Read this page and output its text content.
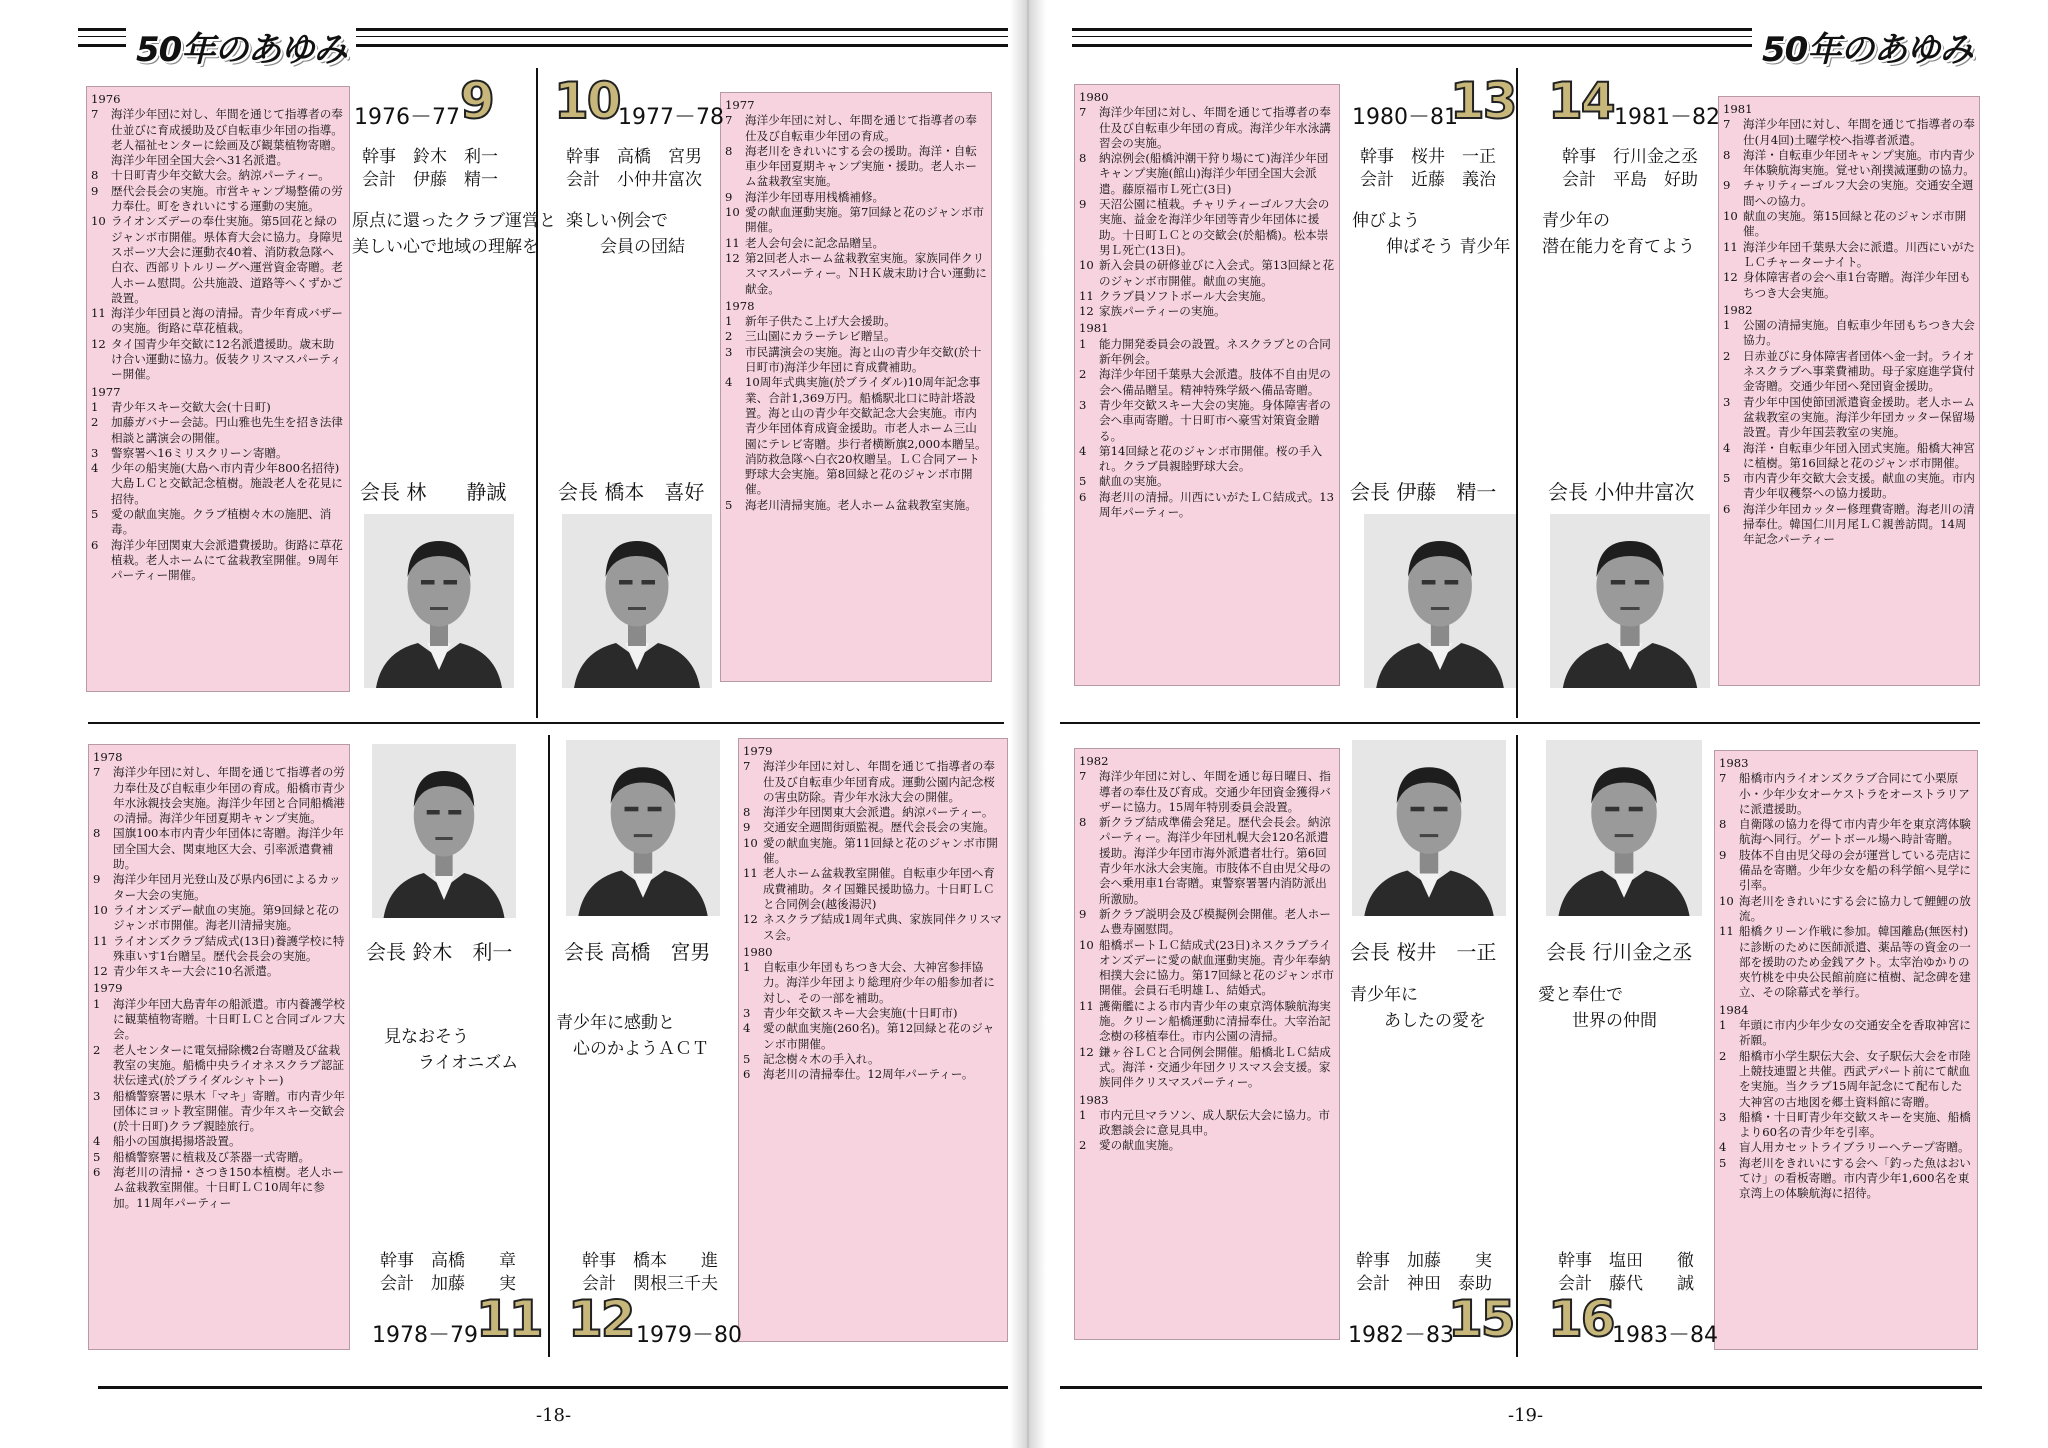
50年のあゆみ	50年のあゆみ
-18-	-19-
1976
7	海洋少年団に対し、年間を通じて指導者の奉仕並びに育成援助及び自転車少年団の指導。老人福祉センターに絵画及び観葉植物寄贈。海洋少年団全国大会へ31名派遣。
8	十日町青少年交歓大会。納涼パーティー。
9	歴代会長会の実施。市営キャンプ場整備の労力奉仕。町をきれいにする運動の実施。
10 ライオンズデーの奉仕実施。第5回花と緑のジャンボ市開催。県体育大会に協力。身障児スポーツ大会に運動衣40着、消防救急隊へ白衣、西部リトルリーグへ運営資金寄贈。老人ホーム慰問。公共施設、道路等へくずかご設置。
11 海洋少年団員と海の清掃。青少年育成バザーの実施。街路に草花植栽。
12 タイ国青少年交歓に12名派遣援助。歳末助け合い運動に協力。仮装クリスマスパーティー開催。
1977
1	青少年スキー交歓大会(十日町)
2	加藤ガバナー会誌。円山雅也先生を招き法律相談と講演会の開催。
3	警察署へ16ミリスクリーン寄贈。
4	少年の船実施(大島へ市内青少年800名招待)大島ＬＣと交歓記念植樹。施設老人を花見に招待。
5	愛の献血実施。クラブ植樹々木の施肥、消毒。
6	海洋少年団関東大会派遣費援助。街路に草花植栽。老人ホームにて盆栽教室開催。9周年パーティー開催。
1976－77 9
幹事　鈴木　利一
会計　伊藤　精一
原点に還ったクラブ運営と
美しい心で地域の理解を
会長 林　　静誠
1977
7	海洋少年団に対し、年間を通じて指導者の奉仕及び自転車少年団の育成。
8	海老川をきれいにする会の援助。海洋・自転車少年団夏期キャンプ実施・援助。老人ホーム盆栽教室実施。
9	海洋少年団専用桟橋補修。
10 愛の献血運動実施。第7回緑と花のジャンボ市開催。
11 老人会句会に記念品贈呈。
12 第2回老人ホーム盆栽教室実施。家族同伴クリスマスパーティー。ＮＨＫ歳末助け合い運動に献金。
1978
1	新年子供たこ上げ大会援助。
2	三山園にカラーテレビ贈呈。
3	市民講演会の実施。海と山の青少年交歓(於十日町市)海洋少年団に育成費補助。
4	10周年式典実施(於ブライダル)10周年記念事業、合計1,369万円。船橋駅北口に時計塔設置。海と山の青少年交歓記念大会実施。市内青少年団体育成資金援助。市老人ホーム三山園にテレビ寄贈。歩行者横断旗2,000本贈呈。消防救急隊へ白衣20枚贈呈。ＬＣ合同アート野球大会実施。第8回緑と花のジャンボ市開催。
5	海老川清掃実施。老人ホーム盆栽教室実施。
1977－78
10
幹事　高橋　宮男
会計　小仲井富次
楽しい例会で
　　会員の団結
会長 橋本　喜好
1978
7	海洋少年団に対し、年間を通じて指導者の労力奉仕及び自転車少年団の育成。船橋市青少年水泳親技会実施。海洋少年団と合同船橋港の清掃。海洋少年団夏期キャンプ実施。
8	国旗100本市内青少年団体に寄贈。海洋少年団全国大会、関東地区大会、引率派遣費補助。
9	海洋少年団月光登山及び県内6団によるカッター大会の実施。
10 ライオンズデー献血の実施。第9回緑と花のジャンボ市開催。海老川清掃実施。
11 ライオンズクラブ結成式(13日)養護学校に特殊車いす1台贈呈。歴代会長会の実施。
12 青少年スキー大会に10名派遣。
1979
1	海洋少年団大島青年の船派遣。市内養護学校に観葉植物寄贈。十日町ＬＣと合同ゴルフ大会。
2	老人センターに電気掃除機2台寄贈及び盆栽教室の実施。船橋中央ライオネスクラブ認証状伝達式(於ブライダルシャトー)
3	船橋警察署に県木「マキ」寄贈。市内青少年団体にヨット教室開催。青少年スキー交歓会(於十日町)クラブ親睦旅行。
4	船小の国旗掲揚塔設置。
5	船橋警察署に植栽及び茶器一式寄贈。
6	海老川の清掃・さつき150本植樹。老人ホーム盆栽教室開催。十日町ＬＣ10周年に参加。11周年パーティー
1978－79
11
幹事　高橋　　章
会計　加藤　　実
見なおそう
　　ライオニズム
会長 鈴木　利一
1979
7	海洋少年団に対し、年間を通じて指導者の奉仕及び自転車少年団育成。運動公園内記念桜の害虫防除。青少年水泳大会の開催。
8	海洋少年団関東大会派遣。納涼パーティー。
9	交通安全週間街頭監視。歴代会長会の実施。
10 愛の献血実施。第11回緑と花のジャンボ市開催。
11 老人ホーム盆栽教室開催。自転車少年団へ育成費補助。タイ国難民援助協力。十日町ＬＣと合同例会(越後湯沢)
12 ネスクラブ結成1周年式典、家族同伴クリスマス会。
1980
1	自転車少年団もちつき大会、大神宮参拝協力。海洋少年団より総理府少年の船参加者に対し、その一部を補助。
3	青少年交歓スキー大会実施(十日町市)
4	愛の献血実施(260名)。第12回緑と花のジャンボ市開催。
5	記念樹々木の手入れ。
6	海老川の清掃奉仕。12周年パーティー。
1979－80
12
幹事　橋本　　進
会計　関根三千夫
青少年に感動と
　心のかようＡＣＴ
会長 高橋　宮男
1980
7	海洋少年団に対し、年間を通じて指導者の奉仕及び自転車少年団の育成。海洋少年水泳講習会の実施。
8	納涼例会(船橋沖潮干狩り場にて)海洋少年団キャンプ実施(館山)海洋少年団全国大会派遣。藤原福市Ｌ死亡(3日)
9	天沼公園に植栽。チャリティーゴルフ大会の実施、益金を海洋少年団等青少年団体に援助。十日町ＬＣとの交歓会(於船橋)。松本崇男Ｌ死亡(13日)。
10 新入会員の研修並びに入会式。第13回緑と花のジャンボ市開催。献血の実施。
11 クラブ員ソフトボール大会実施。
12 家族パーティーの実施。
1981
1	能力開発委員会の設置。ネスクラブとの合同新年例会。
2	海洋少年団千葉県大会派遣。肢体不自由児の会へ備品贈呈。精神特殊学級へ備品寄贈。
3	青少年交歓スキー大会の実施。身体障害者の会へ車両寄贈。十日町市へ豪雪対策資金贈る。
4	第14回緑と花のジャンボ市開催。桜の手入れ。クラブ員親睦野球大会。
5	献血の実施。
6	海老川の清掃。川西にいがたＬＣ結成式。13周年パーティー。
1980－81
13
幹事　桜井　一正
会計　近藤　義治
伸びよう
　　伸ばそう 青少年
会長 伊藤　精一
1981
7	海洋少年団に対し、年間を通じて指導者の奉仕(月4回)土曜学校へ指導者派遣。
8	海洋・自転車少年団キャンプ実施。市内青少年体験航海実施。覚せい剤撲滅運動の協力。
9	チャリティーゴルフ大会の実施。交通安全週間への協力。
10 献血の実施。第15回緑と花のジャンボ市開催。
11 海洋少年団千葉県大会に派遣。川西にいがたＬＣチャーターナイト。
12 身体障害者の会へ車1台寄贈。海洋少年団もちつき大会実施。
1982
1	公園の清掃実施。自転車少年団もちつき大会協力。
2	日赤並びに身体障害者団体へ金一封。ライオネスクラブへ事業費補助。母子家庭進学貸付金寄贈。交通少年団へ発団資金援助。
3	青少年中国使節団派遣資金援助。老人ホーム盆栽教室の実施。海洋少年団カッター保留場設置。青少年国芸教室の実施。
4	海洋・自転車少年団入団式実施。船橋大神宮に植樹。第16回緑と花のジャンボ市開催。
5	市内青少年交歓大会支援。献血の実施。市内青少年収穫祭への協力援助。
6	海洋少年団カッター修理費寄贈。海老川の清掃奉仕。韓国仁川月尾ＬＣ親善訪問。14周年記念パーティー
1981－82
14
幹事　行川金之丞
会計　平島　好助
青少年の
潜在能力を育てよう
会長 小仲井富次
1982
7	海洋少年団に対し、年間を通じ毎日曜日、指導者の奉仕及び育成。交通少年団資金獲得バザーに協力。15周年特別委員会設置。
8	新クラブ結成準備会発足。歴代会長会。納涼パーティー。海洋少年団札幌大会120名派遣援助。海洋少年団市海外派遣者壮行。第6回青少年水泳大会実施。市肢体不自由児父母の会へ乗用車1台寄贈。東警察署署内消防派出所激励。
9	新クラブ説明会及び模擬例会開催。老人ホーム豊寿園慰問。
10 船橋ポートＬＣ結成式(23日)ネスクラブライオンズデーに愛の献血運動実施。青少年奉納相撲大会に協力。第17回緑と花のジャンボ市開催。会員石毛明雄Ｌ、結婚式。
11 護衛艦による市内青少年の東京湾体験航海実施。クリーン船橋運動に清掃奉仕。大宰治記念樹の移植奉仕。市内公園の清掃。
12 鎌ヶ谷ＬＣと合同例会開催。船橋北ＬＣ結成式。海洋・交通少年団クリスマス会支援。家族同伴クリスマスパーティー。
1983
1	市内元旦マラソン、成人駅伝大会に協力。市政懇談会に意見具申。
2	愛の献血実施。
1982－83
15
幹事　加藤　　実
会計　神田　泰助
青少年に
　　あしたの愛を
会長 桜井　一正
1983
7	船橋市内ライオンズクラブ合同にて小栗原小・少年少女オーケストラをオーストラリアに派遣援助。
8	自衛隊の協力を得て市内青少年を東京湾体験航海へ同行。ゲートボール場へ時計寄贈。
9	肢体不自由児父母の会が運営している売店に備品を寄贈。少年少女を船の科学館へ見学に引率。
10 海老川をきれいにする会に協力して鯉鯉の放流。
11 船橋クリーン作戦に参加。韓国離島(無医村)に診断のために医師派遣、薬品等の資金の一部を援助のため金銭アクト。太宰治ゆかりの夾竹桃を中央公民館前庭に植樹、記念碑を建立、その除幕式を挙行。
1984
1	年頭に市内少年少女の交通安全を香取神宮に祈願。
2	船橋市小学生駅伝大会、女子駅伝大会を市陸上競技連盟と共催。西武デパート前にて献血を実施。当クラブ15周年記念にて配布した大神宮の古地図を郷土資料館に寄贈。
3	船橋・十日町青少年交歓スキーを実施、船橋より60名の青少年を引率。
4	盲人用カセットライブラリーへテープ寄贈。
5	海老川をきれいにする会へ「釣った魚はおいてけ」の看板寄贈。市内青少年1,600名を東京湾上の体験航海に招待。
1983－84
16
幹事　塩田　　徹
会計　藤代　　誠
愛と奉仕で
　　世界の仲間
会長 行川金之丞
